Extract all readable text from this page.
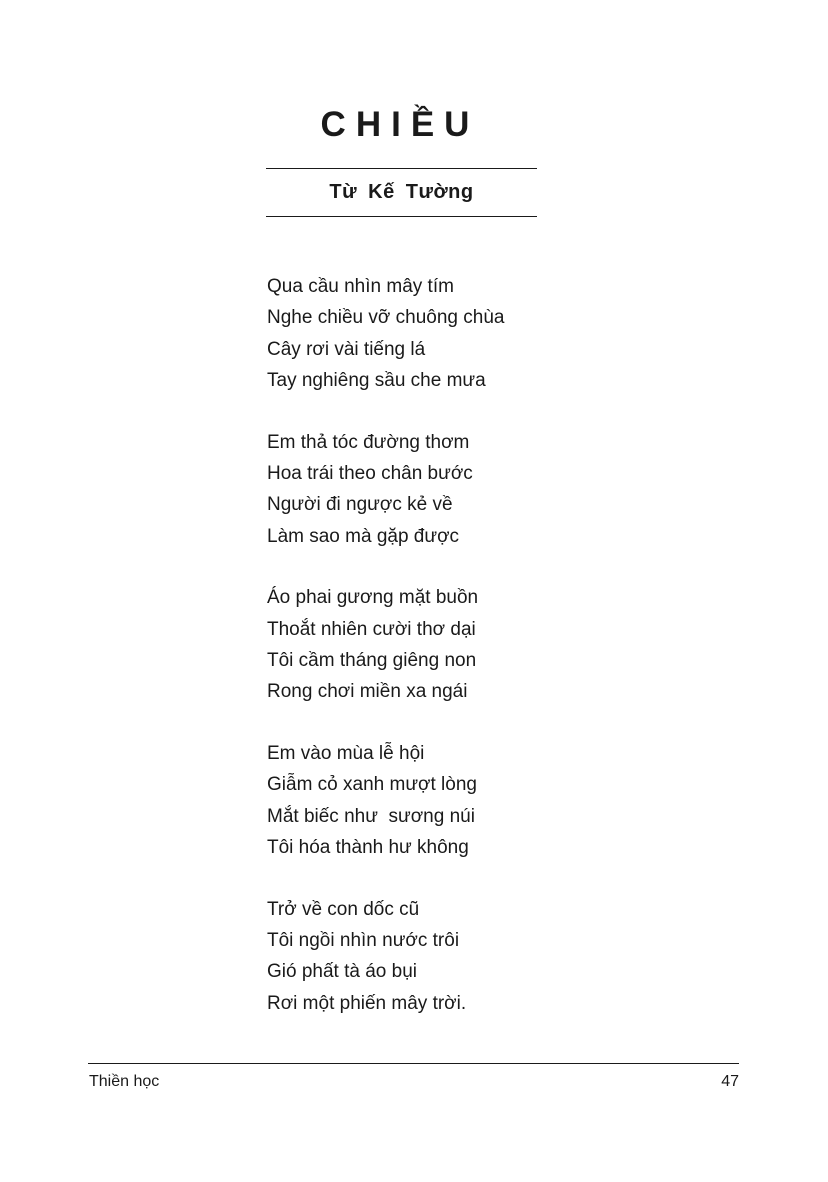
CHIỀU
Từ Kế Tường
Qua cầu nhìn mây tím
Nghe chiều vỡ chuông chùa
Cây rơi vài tiếng lá
Tay nghiêng sầu che mưa
Em thả tóc đường thơm
Hoa trái theo chân bước
Người đi ngược kẻ về
Làm sao mà gặp được
Áo phai gương mặt buồn
Thoắt nhiên cười thơ dại
Tôi cầm tháng giêng non
Rong chơi miền xa ngái
Em vào mùa lễ hội
Giẫm cỏ xanh mượt lòng
Mắt biếc như  sương núi
Tôi hóa thành hư không
Trở về con dốc cũ
Tôi ngồi nhìn nước trôi
Gió phất tà áo bụi
Rơi một phiến mây trời.
Thiền học	47
